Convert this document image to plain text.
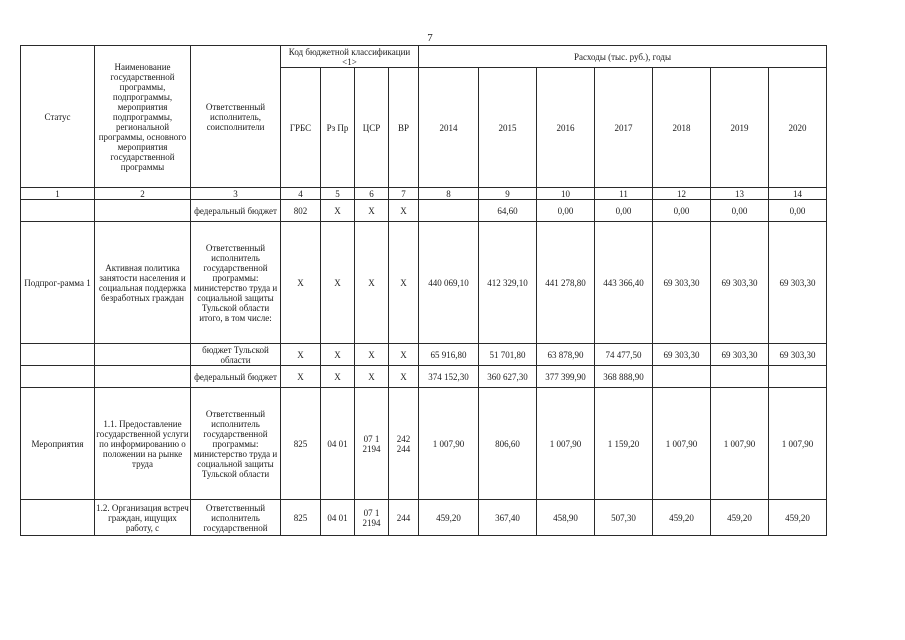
7
Статус	Наименование государственной программы, подпрограммы, мероприятия подпрограммы, региональной программы, основного мероприятия государственной программы	Ответственный исполнитель, соисполнители	Код бюджетной классификации <1>				Расходы (тыс. руб.), годы						
			ГРБС	Рз Пр	ЦСР	ВР	2014	2015	2016	2017	2018	2019	2020
1	2	3	4	5	6	7	8	9	10	11	12	13	14
		федеральный бюджет	802	X	X	X		64,60	0,00	0,00	0,00	0,00	0,00
Подпрог-рамма 1	Активная политика занятости населения и социальная поддержка безработных граждан	Ответственный исполнитель государственной программы: министерство труда и социальной защиты Тульской области итого, в том числе:	X	X	X	X	440 069,10	412 329,10	441 278,80	443 366,40	69 303,30	69 303,30	69 303,30
		бюджет Тульской области	X	X	X	X	65 916,80	51 701,80	63 878,90	74 477,50	69 303,30	69 303,30	69 303,30
		федеральный бюджет	X	X	X	X	374 152,30	360 627,30	377 399,90	368 888,90			
Мероприятия	1.1. Предоставление государственной услуги по информированию о положении на рынке труда	Ответственный исполнитель государственной программы: министерство труда и социальной защиты Тульской области	825	04 01	07 1 2194	242 244	1 007,90	806,60	1 007,90	1 159,20	1 007,90	1 007,90	1 007,90
	1.2. Организация встреч граждан, ищущих работу, с	Ответственный исполнитель государственной	825	04 01	07 1 2194	244	459,20	367,40	458,90	507,30	459,20	459,20	459,20
